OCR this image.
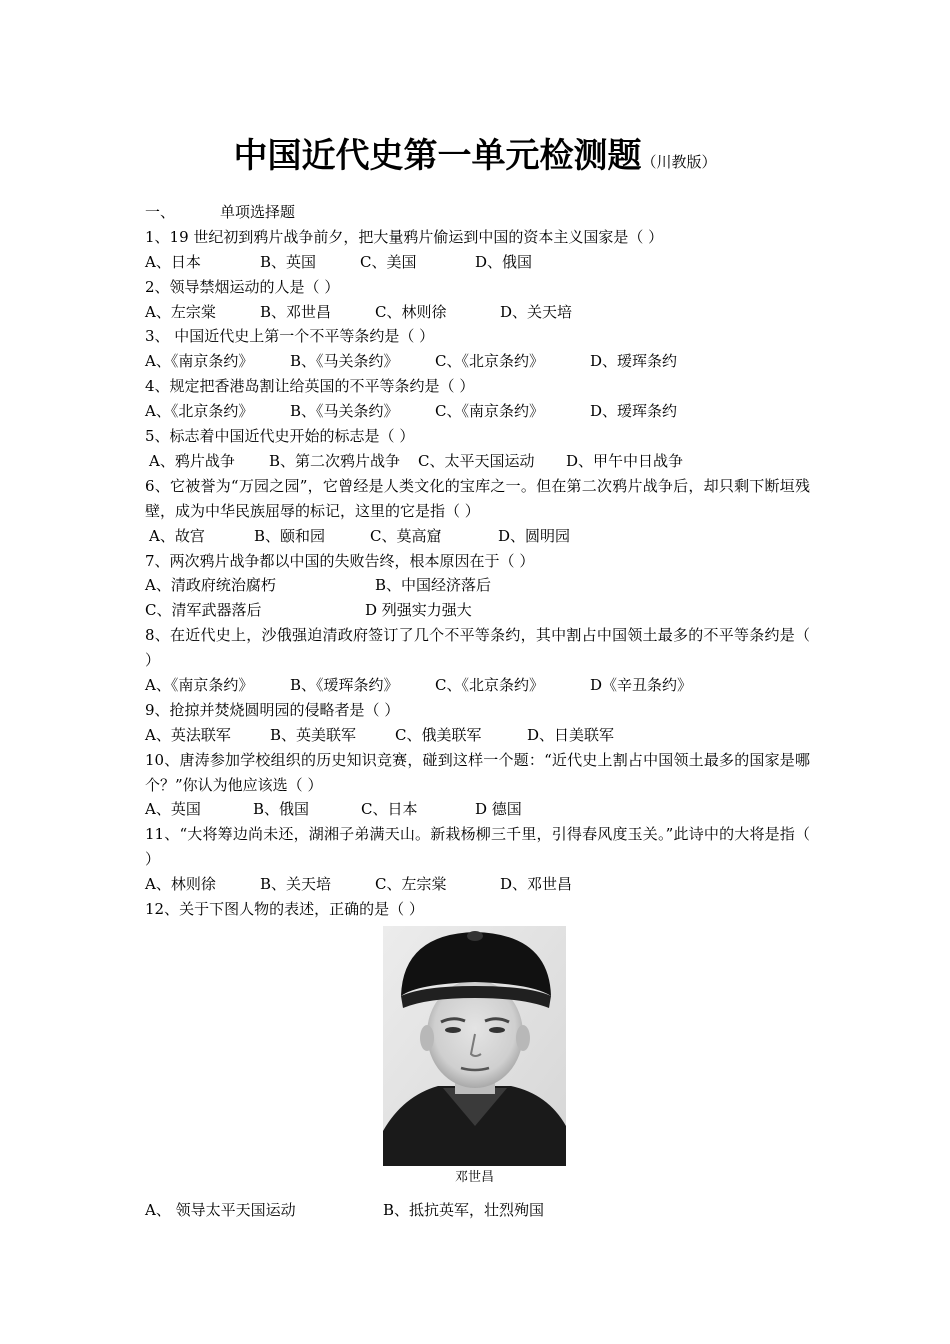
中国近代史第一单元检测题（川教版）
一、	单项选择题
1、19 世纪初到鸦片战争前夕，把大量鸦片偷运到中国的资本主义国家是（ ）
A、日本	B、英国	C、美国	D、俄国
2、领导禁烟运动的人是（ ）
A、左宗棠	B、邓世昌	C、林则徐	D、关天培
3、 中国近代史上第一个不平等条约是（ ）
A、《南京条约》 B、《马关条约》 C、《北京条约》	D、瑷珲条约
4、规定把香港岛割让给英国的不平等条约是（ ）
A、《北京条约》 B、《马关条约》 C、《南京条约》	D、瑷珲条约
5、标志着中国近代史开始的标志是（ ）
A、鸦片战争 B、第二次鸦片战争 C、太平天国运动 D、甲午中日战争
6、它被誉为“万园之园”，它曾经是人类文化的宝库之一。但在第二次鸦片战争后，却只剩下断垣残壁，成为中华民族屈辱的标记，这里的它是指（ ）
A、故宫	B、颐和园	C、莫高窟	D、圆明园
7、两次鸦片战争都以中国的失败告终，根本原因在于（ ）
A、清政府统治腐朽	B、中国经济落后
C、清军武器落后	D 列强实力强大
8、在近代史上，沙俄强迫清政府签订了几个不平等条约，其中割占中国领土最多的不平等条约是（ ）
A、《南京条约》 B、《瑷珲条约》 C、《北京条约》	D《辛丑条约》
9、抢掠并焚烧圆明园的侵略者是（ ）
A、英法联军	B、英美联军	C、俄美联军	D、日美联军
10、唐涛参加学校组织的历史知识竞赛，碰到这样一个题：“近代史上割占中国领土最多的国家是哪个？”你认为他应该选（ ）
A、英国	B、俄国	C、日本	D 德国
11、“大将筹边尚未还，湖湘子弟满天山。新栽杨柳三千里，引得春风度玉关。”此诗中的大将是指（ ）
A、林则徐	B、关天培	C、左宗棠	D、邓世昌
12、关于下图人物的表述，正确的是（ ）
邓世昌
A、 领导太平天国运动	B、抵抗英军，壮烈殉国
